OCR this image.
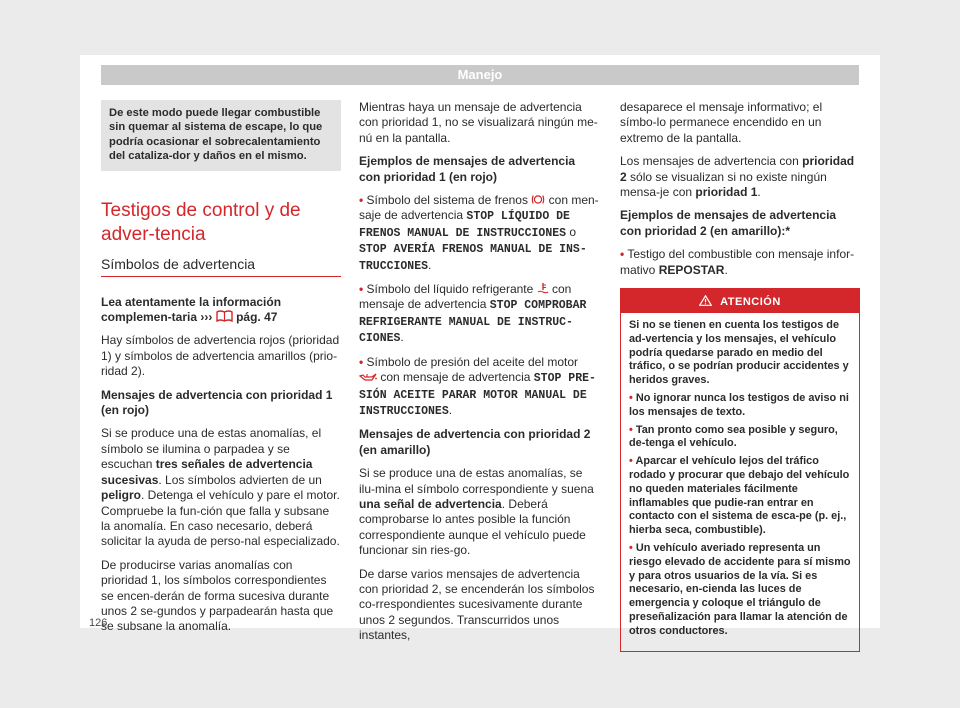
Manejo
De este modo puede llegar combustible sin quemar al sistema de escape, lo que podría ocasionar el sobrecalentamiento del cataliza-dor y daños en el mismo.
Testigos de control y de adver-tencia
Símbolos de advertencia

Lea atentamente la información complemen-taria ››› pág. 47

Hay símbolos de advertencia rojos (prioridad 1) y símbolos de advertencia amarillos (prio-ridad 2).

Mensajes de advertencia con prioridad 1 (en rojo)

Si se produce una de estas anomalías, el símbolo se ilumina o parpadea y se escuchan tres señales de advertencia sucesivas. Los símbolos advierten de un peligro. Detenga el vehículo y pare el motor. Compruebe la fun-ción que falla y subsane la anomalía. En caso necesario, deberá solicitar la ayuda de perso-nal especializado.

De producirse varias anomalías con prioridad 1, los símbolos correspondientes se encen-derán de forma sucesiva durante unos 2 se-gundos y parpadearán hasta que se subsane la anomalía.

Mientras haya un mensaje de advertencia con prioridad 1, no se visualizará ningún me-nú en la pantalla.

Ejemplos de mensajes de advertencia con prioridad 1 (en rojo)

• Símbolo del sistema de frenos con men-saje de advertencia STOP LÍQUIDO DE FRENOS MANUAL DE INSTRUCCIONES o STOP AVERÍA FRENOS MANUAL DE INS-TRUCCIONES.

• Símbolo del líquido refrigerante con mensaje de advertencia STOP COMPROBAR REFRIGERANTE MANUAL DE INSTRUC-CIONES.

• Símbolo de presión del aceite del motor  con mensaje de advertencia STOP PRE-SIÓN ACEITE PARAR MOTOR MANUAL DE INSTRUCCIONES.

Mensajes de advertencia con prioridad 2 (en amarillo)

Si se produce una de estas anomalías, se ilu-mina el símbolo correspondiente y suena una señal de advertencia. Deberá comprobarse lo antes posible la función correspondiente aunque el vehículo puede funcionar sin ries-go.

De darse varios mensajes de advertencia con prioridad 2, se encenderán los símbolos co-rrespondientes sucesivamente durante unos 2 segundos. Transcurridos unos instantes,

desaparece el mensaje informativo; el símbo-lo permanece encendido en un extremo de la pantalla.

Los mensajes de advertencia con prioridad 2 sólo se visualizan si no existe ningún mensa-je con prioridad 1.

Ejemplos de mensajes de advertencia con prioridad 2 (en amarillo):*

• Testigo del combustible con mensaje infor-mativo REPOSTAR.

ATENCIÓN

Si no se tienen en cuenta los testigos de ad-vertencia y los mensajes, el vehículo podría quedarse parado en medio del tráfico, o se podrían producir accidentes y heridos graves.

• No ignorar nunca los testigos de aviso ni los mensajes de texto.

• Tan pronto como sea posible y seguro, de-tenga el vehículo.

• Aparcar el vehículo lejos del tráfico rodado y procurar que debajo del vehículo no queden materiales fácilmente inflamables que pudie-ran entrar en contacto con el sistema de esca-pe (p. ej., hierba seca, combustible).

• Un vehículo averiado representa un riesgo elevado de accidente para sí mismo y para otros usuarios de la vía. Si es necesario, en-cienda las luces de emergencia y coloque el triángulo de preseñalización para llamar la atención de otros conductores.

126
